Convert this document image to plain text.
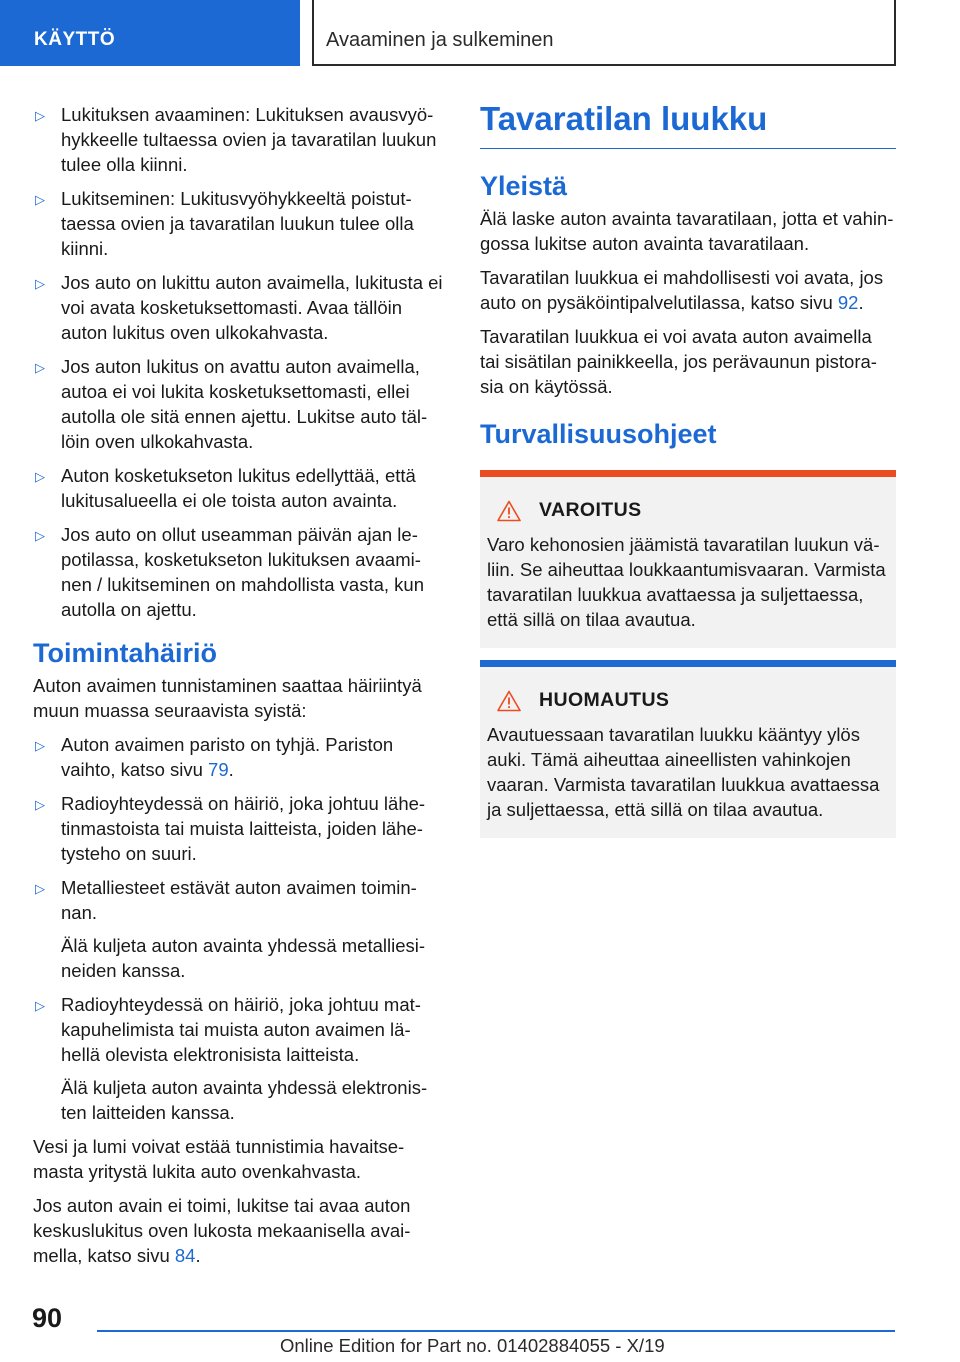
KÄYTTÖ	Avaaminen ja sulkeminen
▷ Lukituksen avaaminen: Lukituksen avausvyö-hykkeelle tultaessa ovien ja tavaratilan luukun tulee olla kiinni.
▷ Lukitseminen: Lukitusvyöhykkeeltä poistut-taessa ovien ja tavaratilan luukun tulee olla kiinni.
▷ Jos auto on lukittu auton avaimella, lukitusta ei voi avata kosketuksettomasti. Avaa tällöin auton lukitus oven ulkokahvasta.
▷ Jos auton lukitus on avattu auton avaimella, autoa ei voi lukita kosketuksettomasti, ellei autolla ole sitä ennen ajettu. Lukitse auto täl-löin oven ulkokahvasta.
▷ Auton kosketukseton lukitus edellyttää, että lukitusalueella ei ole toista auton avainta.
▷ Jos auto on ollut useamman päivän ajan le-potilassa, kosketukseton lukituksen avaami-nen / lukitseminen on mahdollista vasta, kun autolla on ajettu.
Toimintahäiriö

Auton avaimen tunnistaminen saattaa häiriintyä muun muassa seuraavista syistä:

▷ Auton avaimen paristo on tyhjä. Pariston vaihto, katso sivu 79.
▷ Radioyhteydessä on häiriö, joka johtuu lähe-tinmastoista tai muista laitteista, joiden lähe-tysteho on suuri.
▷ Metalliesteet estävät auton avaimen toimin-nan.
Älä kuljeta auton avainta yhdessä metalliesi-neiden kanssa.
▷ Radioyhteydessä on häiriö, joka johtuu mat-kapuhelimista tai muista auton avaimen lä-hellä olevista elektronisista laitteista.
Älä kuljeta auton avainta yhdessä elektronis-ten laitteiden kanssa.

Vesi ja lumi voivat estää tunnistimia havaitse-masta yritystä lukita auto ovenkahvasta.

Jos auton avain ei toimi, lukitse tai avaa auton keskuslukitus oven lukosta mekaanisella avai-mella, katso sivu 84.

Tavaratilan luukku
Yleistä

Älä laske auton avainta tavaratilaan, jotta et vahin-gossa lukitse auton avainta tavaratilaan.

Tavaratilan luukkua ei mahdollisesti voi avata, jos auto on pysäköintipalvelutilassa, katso sivu 92.

Tavaratilan luukkua ei voi avata auton avaimella tai sisätilan painikkeella, jos perävaunun pistora-sia on käytössä.

Turvallisuusohjeet
VAROITUS

Varo kehonosien jäämistä tavaratilan luukun vä-liin. Se aiheuttaa loukkaantumisvaaran. Varmista tavaratilan luukkua avattaessa ja suljettaessa, että sillä on tilaa avautua.

HUOMAUTUS

Avautuessaan tavaratilan luukku kääntyy ylös auki. Tämä aiheuttaa aineellisten vahinkojen vaaran. Varmista tavaratilan luukkua avattaessa ja suljettaessa, että sillä on tilaa avautua.

90
Online Edition for Part no. 01402884055 - X/19
